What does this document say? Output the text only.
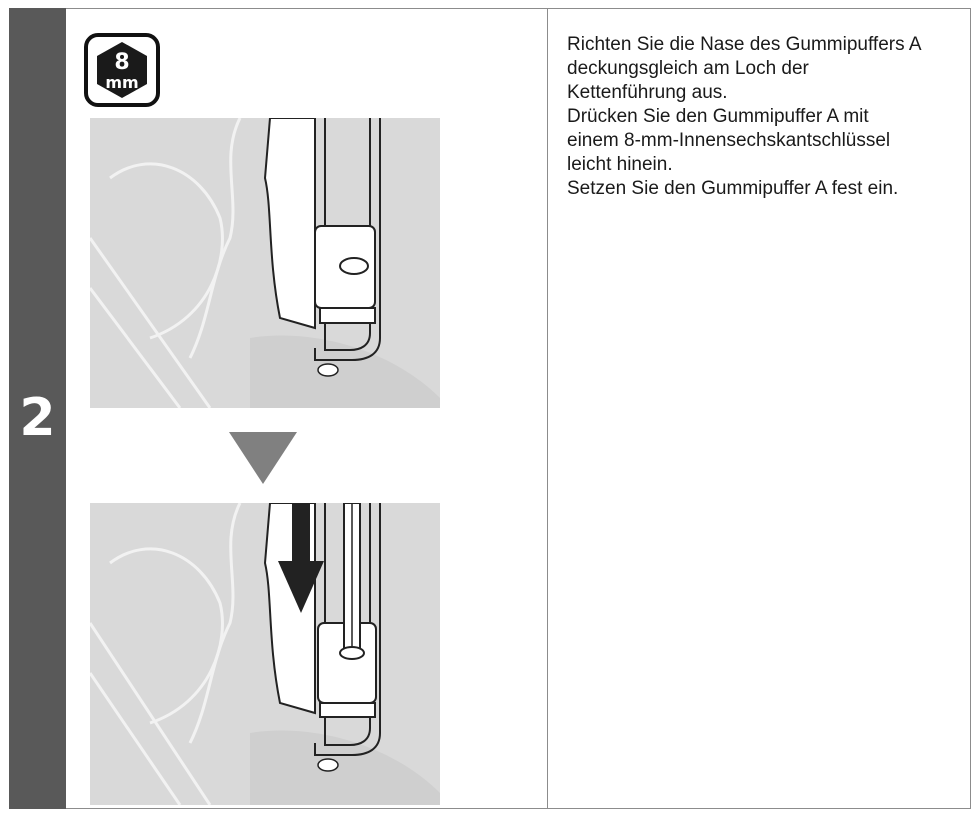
2
8
mm

Richten Sie die Nase des Gummipuffers A

deckungsgleich am Loch der

Kettenführung aus.

Drücken Sie den Gummipuffer A mit

einem 8-mm-Innensechskantschlüssel

leicht hinein.

Setzen Sie den Gummipuffer A fest ein.
